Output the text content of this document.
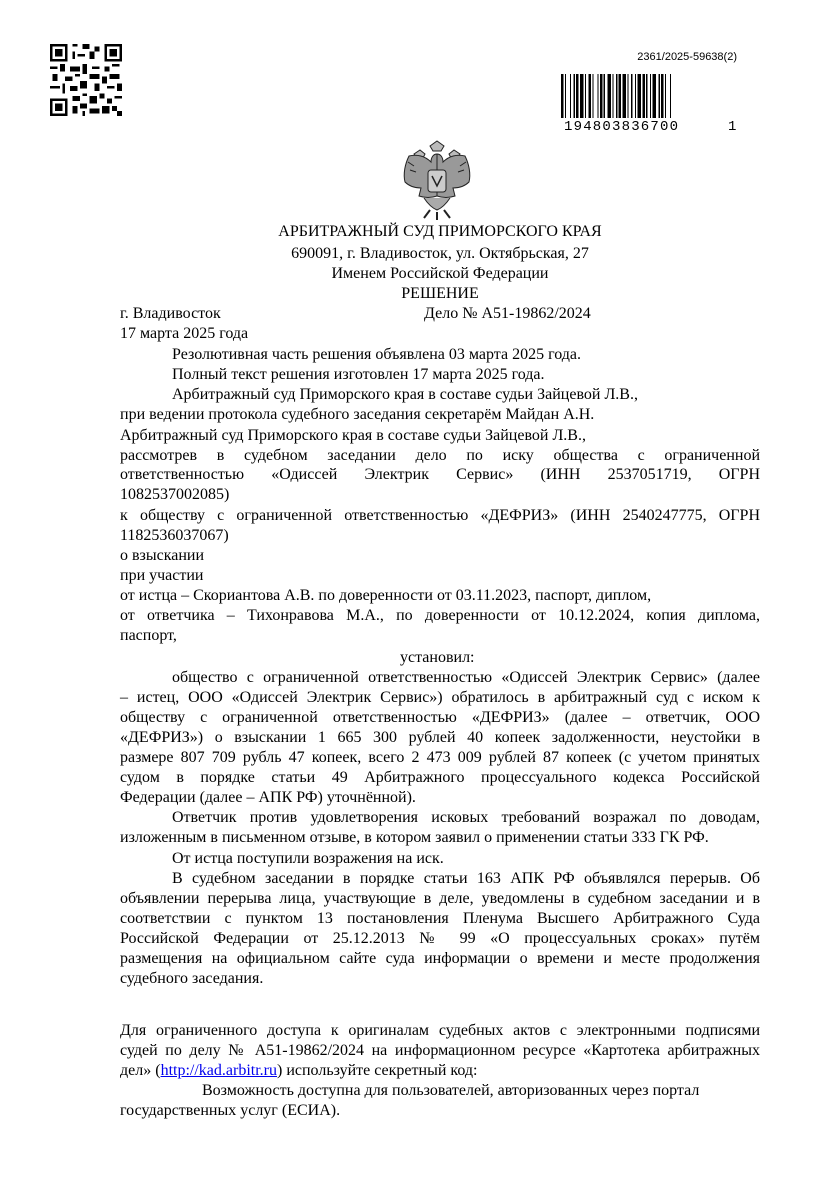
2361/2025-59638(2)
194803836700	1
АРБИТРАЖНЫЙ СУД ПРИМОРСКОГО КРАЯ
690091, г. Владивосток, ул. Октябрьская, 27
Именем Российской Федерации
РЕШЕНИЕ
г. Владивосток	Дело № А51-19862/2024
17 марта 2025 года
Резолютивная часть решения объявлена 03 марта 2025 года.
Полный текст решения изготовлен 17 марта 2025 года.
Арбитражный суд Приморского края в составе судьи Зайцевой Л.В.,
при ведении протокола судебного заседания секретарём Майдан А.Н.
Арбитражный суд Приморского края в составе судьи Зайцевой Л.В.,
рассмотрев в судебном заседании дело по иску общества с ограниченной
ответственностью «Одиссей Электрик Сервис» (ИНН 2537051719, ОГРН
1082537002085)
к обществу с ограниченной ответственностью «ДЕФРИЗ» (ИНН 2540247775, ОГРН
1182536037067)
о взыскании
при участии
от истца – Скориантова А.В. по доверенности от 03.11.2023, паспорт, диплом,
от ответчика – Тихонравова М.А., по доверенности от 10.12.2024, копия диплома,
паспорт,
установил:
общество с ограниченной ответственностью «Одиссей Электрик Сервис» (далее
– истец, ООО «Одиссей Электрик Сервис») обратилось в арбитражный суд с иском к
обществу с ограниченной ответственностью «ДЕФРИЗ» (далее – ответчик, ООО
«ДЕФРИЗ») о взыскании 1 665 300 рублей 40 копеек задолженности, неустойки в
размере 807 709 рубль 47 копеек, всего 2 473 009 рублей 87 копеек (с учетом принятых
судом в порядке статьи 49 Арбитражного процессуального кодекса Российской
Федерации (далее – АПК РФ) уточнённой).
Ответчик против удовлетворения исковых требований возражал по доводам,
изложенным в письменном отзыве, в котором заявил о применении статьи 333 ГК РФ.
От истца поступили возражения на иск.
В судебном заседании в порядке статьи 163 АПК РФ объявлялся перерыв. Об
объявлении перерыва лица, участвующие в деле, уведомлены в судебном заседании и в
соответствии с пунктом 13 постановления Пленума Высшего Арбитражного Суда
Российской Федерации от 25.12.2013 № 99 «О процессуальных сроках» путём
размещения на официальном сайте суда информации о времени и месте продолжения
судебного заседания.
Для ограниченного доступа к оригиналам судебных актов с электронными подписями
судей по делу № А51-19862/2024 на информационном ресурсе «Картотека арбитражных
дел» (http://kad.arbitr.ru) используйте секретный код:
Возможность доступна для пользователей, авторизованных через портал
государственных услуг (ЕСИА).
